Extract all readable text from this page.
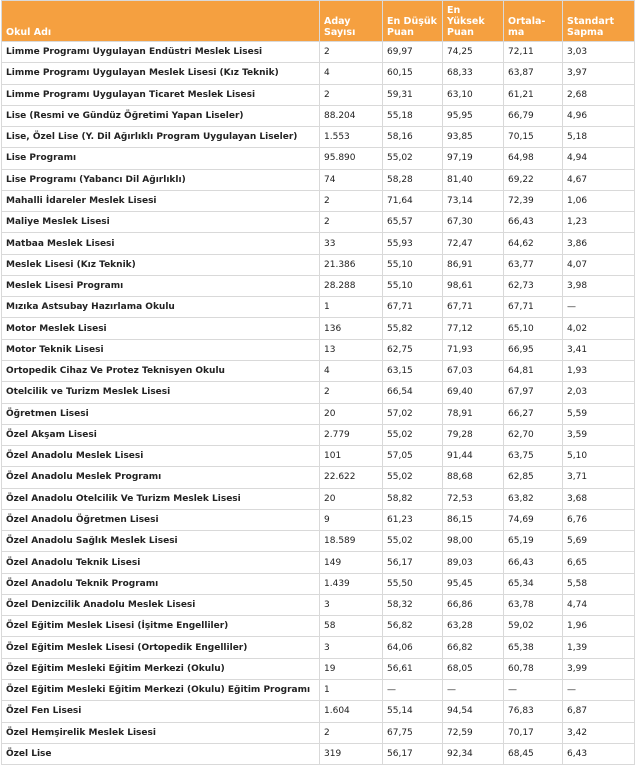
Okul Adı	Aday Sayısı	En Düşük Puan	En Yüksek Puan	Ortala-ma	Standart Sapma
Limme Programı Uygulayan Endüstri Meslek Lisesi	2	69,97	74,25	72,11	3,03
Limme Programı Uygulayan Meslek Lisesi (Kız Teknik)	4	60,15	68,33	63,87	3,97
Limme Programı Uygulayan Ticaret Meslek Lisesi	2	59,31	63,10	61,21	2,68
Lise (Resmi ve Gündüz Öğretimi Yapan Liseler)	88.204	55,18	95,95	66,79	4,96
Lise, Özel Lise (Y. Dil Ağırlıklı Program Uygulayan Liseler)	1.553	58,16	93,85	70,15	5,18
Lise Programı	95.890	55,02	97,19	64,98	4,94
Lise Programı (Yabancı Dil Ağırlıklı)	74	58,28	81,40	69,22	4,67
Mahalli İdareler Meslek Lisesi	2	71,64	73,14	72,39	1,06
Maliye Meslek Lisesi	2	65,57	67,30	66,43	1,23
Matbaa Meslek Lisesi	33	55,93	72,47	64,62	3,86
Meslek Lisesi (Kız Teknik)	21.386	55,10	86,91	63,77	4,07
Meslek Lisesi Programı	28.288	55,10	98,61	62,73	3,98
Mızıka Astsubay Hazırlama Okulu	1	67,71	67,71	67,71	—
Motor Meslek Lisesi	136	55,82	77,12	65,10	4,02
Motor Teknik Lisesi	13	62,75	71,93	66,95	3,41
Ortopedik Cihaz Ve Protez Teknisyen Okulu	4	63,15	67,03	64,81	1,93
Otelcilik ve Turizm Meslek Lisesi	2	66,54	69,40	67,97	2,03
Öğretmen Lisesi	20	57,02	78,91	66,27	5,59
Özel Akşam Lisesi	2.779	55,02	79,28	62,70	3,59
Özel Anadolu Meslek Lisesi	101	57,05	91,44	63,75	5,10
Özel Anadolu Meslek Programı	22.622	55,02	88,68	62,85	3,71
Özel Anadolu Otelcilik Ve Turizm Meslek Lisesi	20	58,82	72,53	63,82	3,68
Özel Anadolu Öğretmen Lisesi	9	61,23	86,15	74,69	6,76
Özel Anadolu Sağlık Meslek Lisesi	18.589	55,02	98,00	65,19	5,69
Özel Anadolu Teknik Lisesi	149	56,17	89,03	66,43	6,65
Özel Anadolu Teknik Programı	1.439	55,50	95,45	65,34	5,58
Özel Denizcilik Anadolu Meslek Lisesi	3	58,32	66,86	63,78	4,74
Özel Eğitim Meslek Lisesi (İşitme Engelliler)	58	56,82	63,28	59,02	1,96
Özel Eğitim Meslek Lisesi (Ortopedik Engelliler)	3	64,06	66,82	65,38	1,39
Özel Eğitim Mesleki Eğitim Merkezi (Okulu)	19	56,61	68,05	60,78	3,99
Özel Eğitim Mesleki Eğitim Merkezi (Okulu) Eğitim Programı	1	—	—	—	—
Özel Fen Lisesi	1.604	55,14	94,54	76,83	6,87
Özel Hemşirelik Meslek Lisesi	2	67,75	72,59	70,17	3,42
Özel Lise	319	56,17	92,34	68,45	6,43
